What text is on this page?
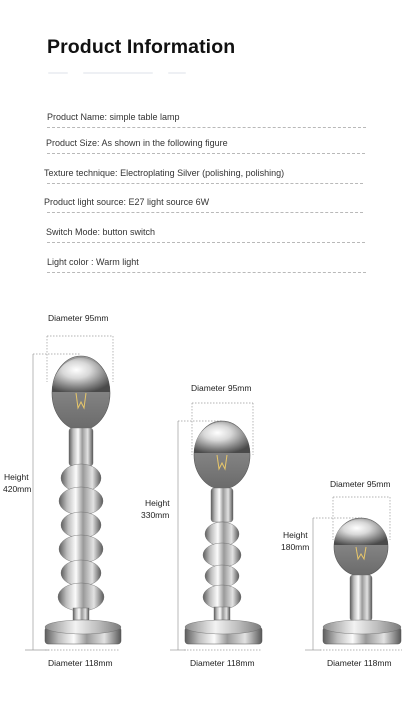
Product Information
Product Name: simple table lamp
Product Size: As shown in the following figure
Texture technique: Electroplating Silver (polishing, polishing)
Product light source: E27 light source 6W
Switch Mode: button switch
Light color : Warm light
Diameter 95mm
Height
420mm
Diameter 118mm
Diameter 95mm
Height
330mm
Diameter 118mm
Diameter 95mm
Height
180mm
Diameter 118mm
